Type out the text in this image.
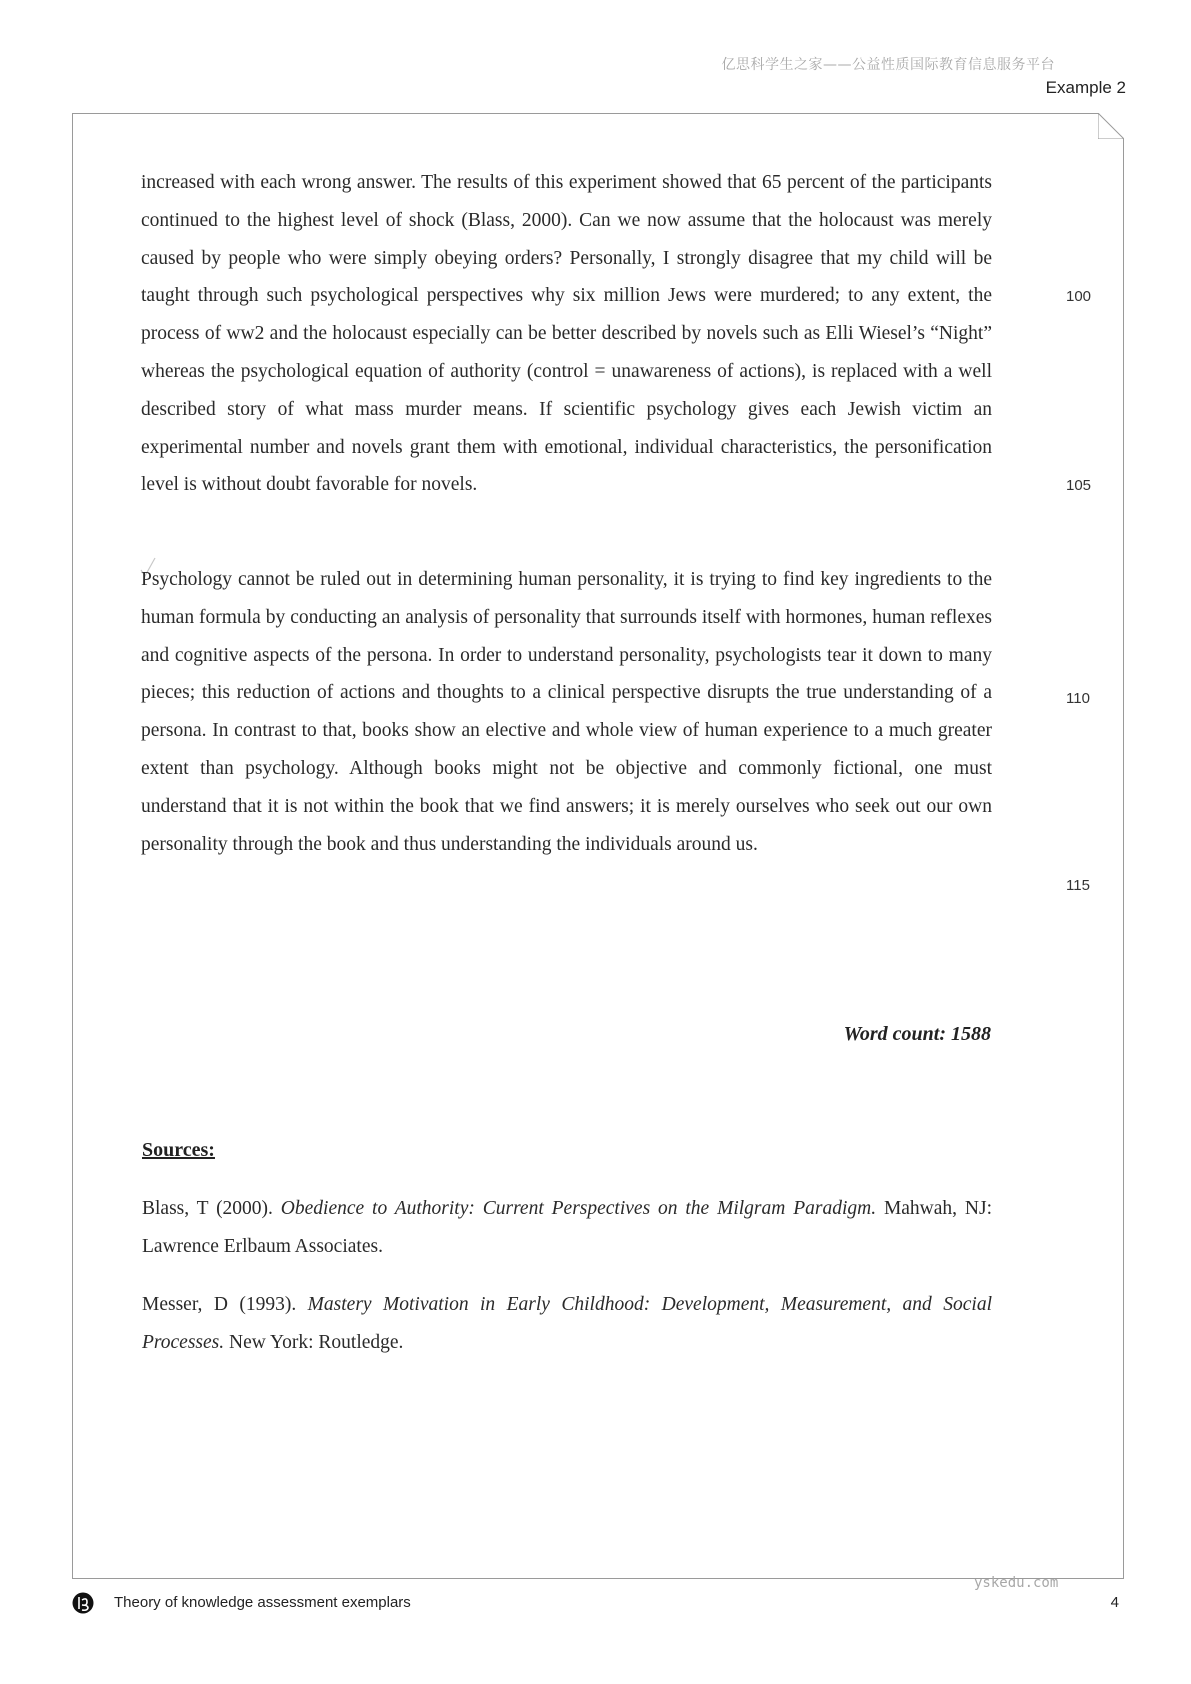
亿思科学生之家——公益性质国际教育信息服务平台
Example 2

increased with each wrong answer. The results of this experiment showed that 65 percent of the participants continued to the highest level of shock (Blass, 2000). Can we now assume that the holocaust was merely caused by people who were simply obeying orders? Personally, I strongly disagree that my child will be taught through such psychological perspectives why six million Jews were murdered; to any extent, the process of ww2 and the holocaust especially can be better described by novels such as Elli Wiesel’s “Night” whereas the psychological equation of authority (control = unawareness of actions), is replaced with a well described story of what mass murder means. If scientific psychology gives each Jewish victim an experimental number and novels grant them with emotional, individual characteristics, the personification level is without doubt favorable for novels.

Psychology cannot be ruled out in determining human personality, it is trying to find key ingredients to the human formula by conducting an analysis of personality that surrounds itself with hormones, human reflexes and cognitive aspects of the persona. In order to understand personality, psychologists tear it down to many pieces; this reduction of actions and thoughts to a clinical perspective disrupts the true understanding of a persona. In contrast to that, books show an elective and whole view of human experience to a much greater extent than psychology. Although books might not be objective and commonly fictional, one must understand that it is not within the book that we find answers; it is merely ourselves who seek out our own personality through the book and thus understanding the individuals around us.

100
105
110
115
Word count: 1588
Sources:

Blass, T (2000). Obedience to Authority: Current Perspectives on the Milgram Paradigm. Mahwah, NJ: Lawrence Erlbaum Associates.

Messer, D (1993). Mastery Motivation in Early Childhood: Development, Measurement, and Social Processes. New York: Routledge.

Theory of knowledge assessment exemplars
yskedu.com
4
